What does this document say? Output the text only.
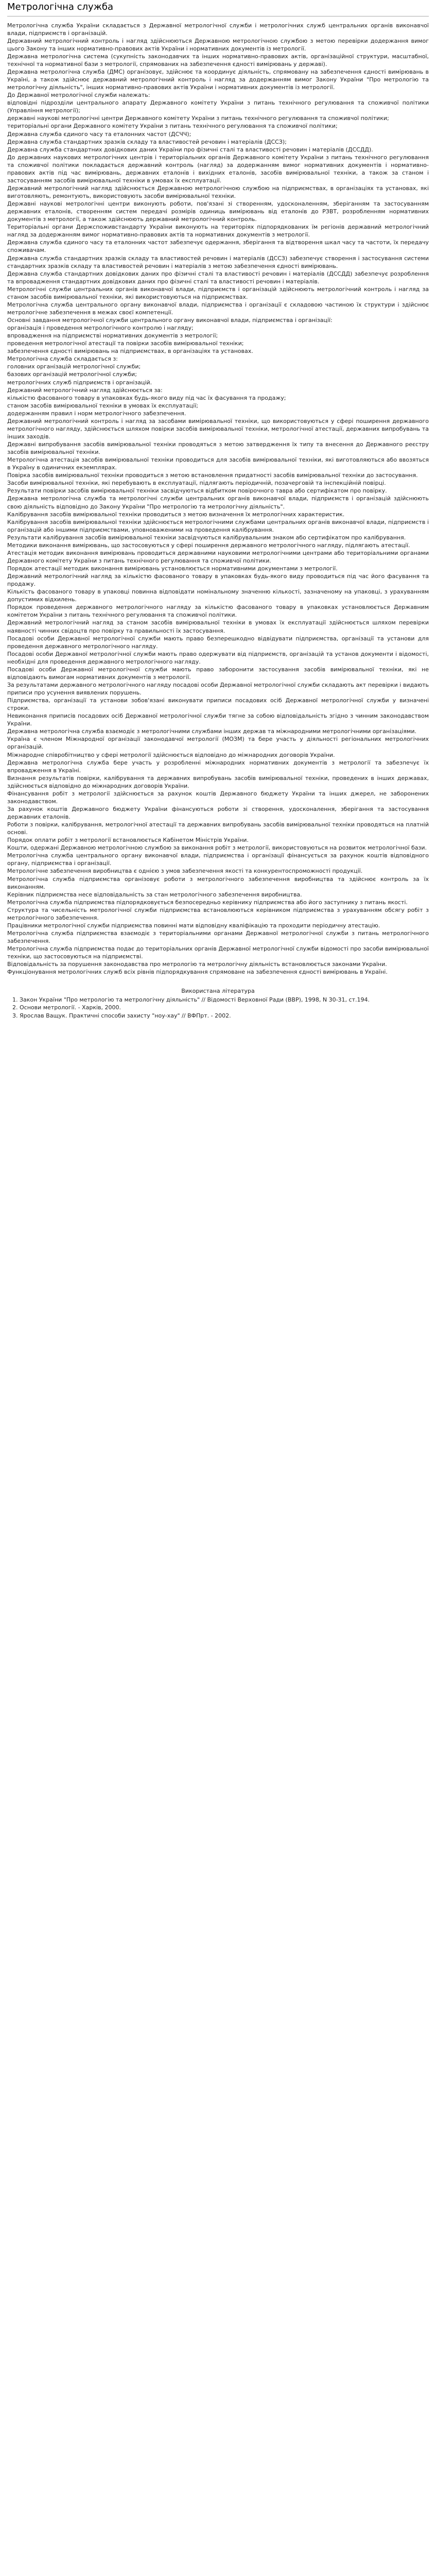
Метрологічна служба

Метрологічна служба України складається з Державної метрологічної служби і метрологічних служб центральних органів виконавчої влади, підприємств і організацій.

Державний метрологічний контроль і нагляд здійснюються Державною метрологічною службою з метою перевірки додержання вимог цього Закону та інших нормативно-правових актів України і нормативних документів із метрології.

Державна метрологічна система (сукупність законодавчих та інших нормативно-правових актів, організаційної структури, масштабної, технічної та нормативної бази з метрології, спрямованих на забезпечення єдності вимірювань у державі).

Державна метрологічна служба (ДМС) організовує, здійснює та координує діяльність, спрямовану на забезпечення єдності вимірювань в Україні, а також здійснює державний метрологічний контроль і нагляд за додержанням вимог Закону України "Про метрологію та метрологічну діяльність", інших нормативно-правових актів України і нормативних документів із метрології.

До Державної метрологічної служби належать:

відповідні підрозділи центрального апарату Державного комітету України з питань технічного регулювання та споживчої політики (Управління метрології);

державні наукові метрологічні центри Державного комітету України з питань технічного регулювання та споживчої політики;

територіальні органи Державного комітету України з питань технічного регулювання та споживчої політики;

Державна служба єдиного часу та еталонних частот (ДСЧЧ);

Державна служба стандартних зразків складу та властивостей речовин і матеріалів (ДССЗ);

Державна служба стандартних довідкових даних України про фізичні сталі та властивості речовин і матеріалів (ДССДД).

До державних наукових метрологічних центрів і територіальних органів Державного комітету України з питань технічного регулювання та споживчої політики покладається державний контроль (нагляд) за додержанням вимог нормативних документів і нормативно-правових актів під час вимірювань, державних еталонів і вихідних еталонів, засобів вимірювальної техніки, а також за станом і застосуванням засобів вимірювальної техніки в умовах їх експлуатації.

Державний метрологічний нагляд здійснюється Державною метрологічною службою на підприємствах, в організаціях та установах, які виготовляють, ремонтують, використовують засоби вимірювальної техніки.

Державні наукові метрологічні центри виконують роботи, пов'язані зі створенням, удосконаленням, зберіганням та застосуванням державних еталонів, створенням систем передачі розмірів одиниць вимірювань від еталонів до РЗВТ, розробленням нормативних документів з метрології, а також здійснюють державний метрологічний контроль.

Територіальні органи Держспоживстандарту України виконують на територіях підпорядкованих їм регіонів державний метрологічний нагляд за додержанням вимог нормативно-правових актів та нормативних документів з метрології.

Державна служба єдиного часу та еталонних частот забезпечує одержання, зберігання та відтворення шкал часу та частоти, їх передачу споживачам.

Державна служба стандартних зразків складу та властивостей речовин і матеріалів (ДССЗ) забезпечує створення і застосування системи стандартних зразків складу та властивостей речовин і матеріалів з метою забезпечення єдності вимірювань.

Державна служба стандартних довідкових даних про фізичні сталі та властивості речовин і матеріалів (ДССДД) забезпечує розроблення та впровадження стандартних довідкових даних про фізичні сталі та властивості речовин і матеріалів.

Метрологічні служби центральних органів виконавчої влади, підприємств і організацій здійснюють метрологічний контроль і нагляд за станом засобів вимірювальної техніки, які використовуються на підприємствах.

Метрологічна служба центрального органу виконавчої влади, підприємства і організації є складовою частиною їх структури і здійснює метрологічне забезпечення в межах своєї компетенції.

Основні завдання метрологічної служби центрального органу виконавчої влади, підприємства і організації:

організація і проведення метрологічного контролю і нагляду;

впровадження на підприємстві нормативних документів з метрології;

проведення метрологічної атестації та повірки засобів вимірювальної техніки;

забезпечення єдності вимірювань на підприємствах, в організаціях та установах.

Метрологічна служба складається з:

головних організацій метрологічної служби;

базових організацій метрологічної служби;

метрологічних служб підприємств і організацій.

Державний метрологічний нагляд здійснюється за:

кількістю фасованого товару в упаковках будь-якого виду під час їх фасування та продажу;

станом засобів вимірювальної техніки в умовах їх експлуатації;

додержанням правил і норм метрологічного забезпечення.

Державний метрологічний контроль і нагляд за засобами вимірювальної техніки, що використовуються у сфері поширення державного метрологічного нагляду, здійснюється шляхом повірки засобів вимірювальної техніки, метрологічної атестації, державних випробувань та інших заходів.

Державні випробування засобів вимірювальної техніки проводяться з метою затвердження їх типу та внесення до Державного реєстру засобів вимірювальної техніки.

Метрологічна атестація засобів вимірювальної техніки проводиться для засобів вимірювальної техніки, які виготовляються або ввозяться в Україну в одиничних екземплярах.

Повірка засобів вимірювальної техніки проводиться з метою встановлення придатності засобів вимірювальної техніки до застосування.

Засоби вимірювальної техніки, які перебувають в експлуатації, підлягають періодичній, позачерговій та інспекційній повірці.

Результати повірки засобів вимірювальної техніки засвідчуються відбитком повірочного тавра або сертифікатом про повірку.

Державна метрологічна служба та метрологічні служби центральних органів виконавчої влади, підприємств і організацій здійснюють свою діяльність відповідно до Закону України "Про метрологію та метрологічну діяльність".

Калібрування засобів вимірювальної техніки проводиться з метою визначення їх метрологічних характеристик.

Калібрування засобів вимірювальної техніки здійснюється метрологічними службами центральних органів виконавчої влади, підприємств і організацій або іншими підприємствами, уповноваженими на проведення калібрування.

Результати калібрування засобів вимірювальної техніки засвідчуються калібрувальним знаком або сертифікатом про калібрування.

Методики виконання вимірювань, що застосовуються у сфері поширення державного метрологічного нагляду, підлягають атестації.

Атестація методик виконання вимірювань проводиться державними науковими метрологічними центрами або територіальними органами Державного комітету України з питань технічного регулювання та споживчої політики.

Порядок атестації методик виконання вимірювань установлюється нормативними документами з метрології.

Державний метрологічний нагляд за кількістю фасованого товару в упаковках будь-якого виду проводиться під час його фасування та продажу.

Кількість фасованого товару в упаковці повинна відповідати номінальному значенню кількості, зазначеному на упаковці, з урахуванням допустимих відхилень.

Порядок проведення державного метрологічного нагляду за кількістю фасованого товару в упаковках установлюється Державним комітетом України з питань технічного регулювання та споживчої політики.

Державний метрологічний нагляд за станом засобів вимірювальної техніки в умовах їх експлуатації здійснюється шляхом перевірки наявності чинних свідоцтв про повірку та правильності їх застосування.

Посадові особи Державної метрологічної служби мають право безперешкодно відвідувати підприємства, організації та установи для проведення державного метрологічного нагляду.

Посадові особи Державної метрологічної служби мають право одержувати від підприємств, організацій та установ документи і відомості, необхідні для проведення державного метрологічного нагляду.

Посадові особи Державної метрологічної служби мають право заборонити застосування засобів вимірювальної техніки, які не відповідають вимогам нормативних документів з метрології.

За результатами державного метрологічного нагляду посадові особи Державної метрологічної служби складають акт перевірки і видають приписи про усунення виявлених порушень.

Підприємства, організації та установи зобов'язані виконувати приписи посадових осіб Державної метрологічної служби у визначені строки.

Невиконання приписів посадових осіб Державної метрологічної служби тягне за собою відповідальність згідно з чинним законодавством України.

Державна метрологічна служба взаємодіє з метрологічними службами інших держав та міжнародними метрологічними організаціями.

Україна є членом Міжнародної організації законодавчої метрології (МОЗМ) та бере участь у діяльності регіональних метрологічних організацій.

Міжнародне співробітництво у сфері метрології здійснюється відповідно до міжнародних договорів України.

Державна метрологічна служба бере участь у розробленні міжнародних нормативних документів з метрології та забезпечує їх впровадження в Україні.

Визнання результатів повірки, калібрування та державних випробувань засобів вимірювальної техніки, проведених в інших державах, здійснюється відповідно до міжнародних договорів України.

Фінансування робіт з метрології здійснюється за рахунок коштів Державного бюджету України та інших джерел, не заборонених законодавством.

За рахунок коштів Державного бюджету України фінансуються роботи зі створення, удосконалення, зберігання та застосування державних еталонів.

Роботи з повірки, калібрування, метрологічної атестації та державних випробувань засобів вимірювальної техніки проводяться на платній основі.

Порядок оплати робіт з метрології встановлюється Кабінетом Міністрів України.

Кошти, одержані Державною метрологічною службою за виконання робіт з метрології, використовуються на розвиток метрологічної бази.

Метрологічна служба центрального органу виконавчої влади, підприємства і організації фінансується за рахунок коштів відповідного органу, підприємства і організації.

Метрологічне забезпечення виробництва є однією з умов забезпечення якості та конкурентоспроможності продукції.

Метрологічна служба підприємства організовує роботи з метрологічного забезпечення виробництва та здійснює контроль за їх виконанням.

Керівник підприємства несе відповідальність за стан метрологічного забезпечення виробництва.

Метрологічна служба підприємства підпорядковується безпосередньо керівнику підприємства або його заступнику з питань якості.

Структура та чисельність метрологічної служби підприємства встановлюються керівником підприємства з урахуванням обсягу робіт з метрологічного забезпечення.

Працівники метрологічної служби підприємства повинні мати відповідну кваліфікацію та проходити періодичну атестацію.

Метрологічна служба підприємства взаємодіє з територіальними органами Державної метрологічної служби з питань метрологічного забезпечення.

Метрологічна служба підприємства подає до територіальних органів Державної метрологічної служби відомості про засоби вимірювальної техніки, що застосовуються на підприємстві.

Відповідальність за порушення законодавства про метрологію та метрологічну діяльність встановлюється законами України.

Функціонування метрологічних служб всіх рівнів підпорядкування спрямоване на забезпечення єдності вимірювань в Україні.

Використана література

1. Закон України "Про метрологію та метрологічну діяльність" // Відомості Верховної Ради (ВВР), 1998, N 30-31, ст.194.
2. Основи метрології. - Харків, 2000.
3. Ярослав Ващук. Практичні способи захисту "ноу-хау" // ВФПрт. - 2002.
